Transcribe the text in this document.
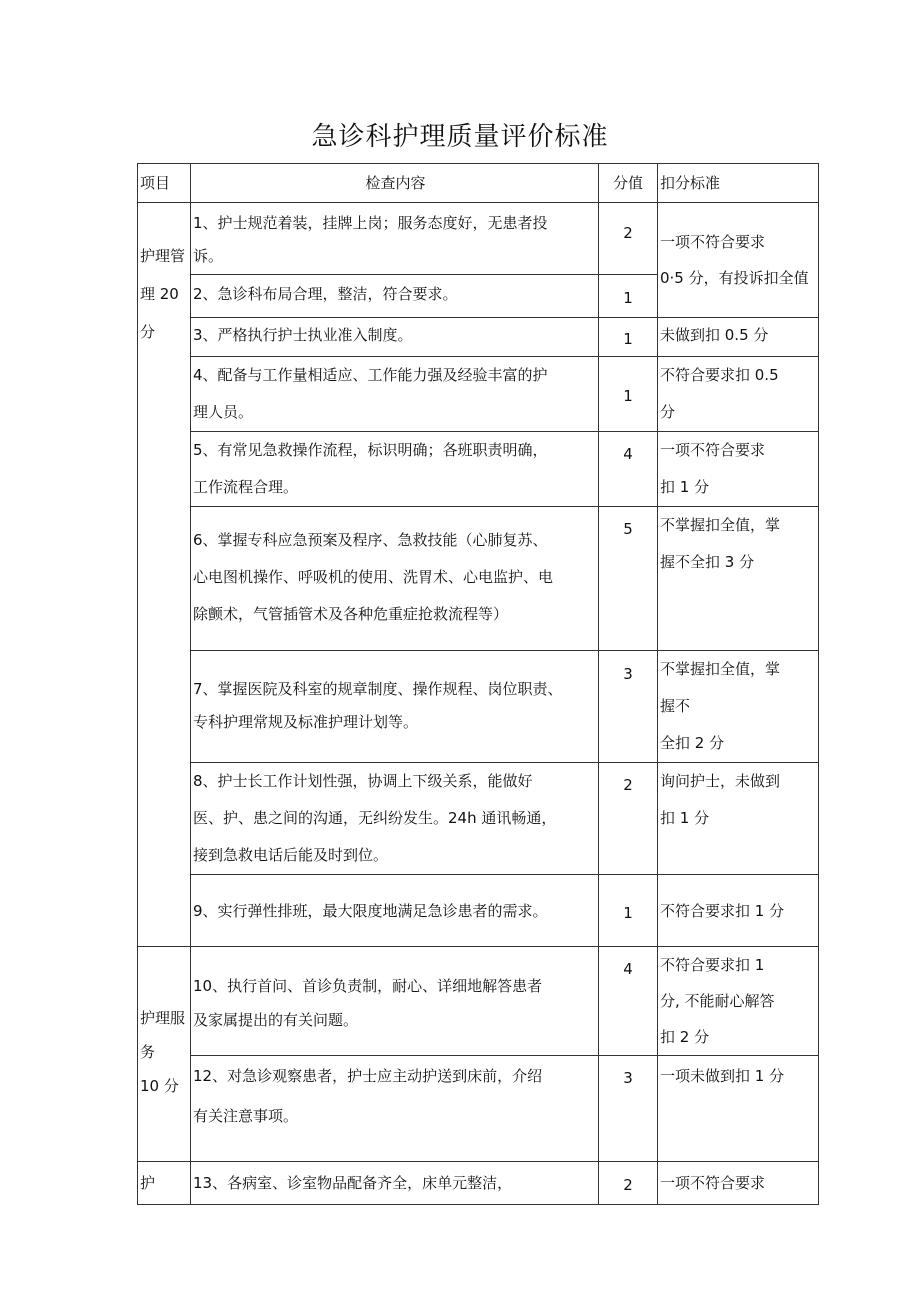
急诊科护理质量评价标准
项目	检查内容	分值	扣分标准

护理管
理 20
分	1、护士规范着装，挂牌上岗；服务态度好，无患者投
诉。	2	一项不符合要求
0·5 分，有投诉扣全值

	2、急诊科布局合理，整洁，符合要求。	1	

	3、严格执行护士执业准入制度。	1	未做到扣 0.5 分

	4、配备与工作量相适应、工作能力强及经验丰富的护
理人员。	1	不符合要求扣 0.5
分

	5、有常见急救操作流程，标识明确；各班职责明确，
工作流程合理。	4	一项不符合要求
扣 1 分

	6、掌握专科应急预案及程序、急救技能（心肺复苏、
心电图机操作、呼吸机的使用、洗胃术、心电监护、电
除颤术，气管插管术及各种危重症抢救流程等）	5	不掌握扣全值，掌
握不全扣 3 分

	7、掌握医院及科室的规章制度、操作规程、岗位职责、
专科护理常规及标准护理计划等。	3	不掌握扣全值，掌
握不
全扣 2 分

	8、护士长工作计划性强，协调上下级关系，能做好
医、护、患之间的沟通，无纠纷发生。24h 通讯畅通，
接到急救电话后能及时到位。	2	询问护士，未做到
扣 1 分

	9、实行弹性排班，最大限度地满足急诊患者的需求。	1	不符合要求扣 1 分

护理服
务
10 分	10、执行首问、首诊负责制，耐心、详细地解答患者
及家属提出的有关问题。	4	不符合要求扣 1
分, 不能耐心解答
扣 2 分

	12、对急诊观察患者，护士应主动护送到床前，介绍
有关注意事项。	3	一项未做到扣 1 分

护	13、各病室、诊室物品配备齐全，床单元整洁，	2	一项不符合要求
